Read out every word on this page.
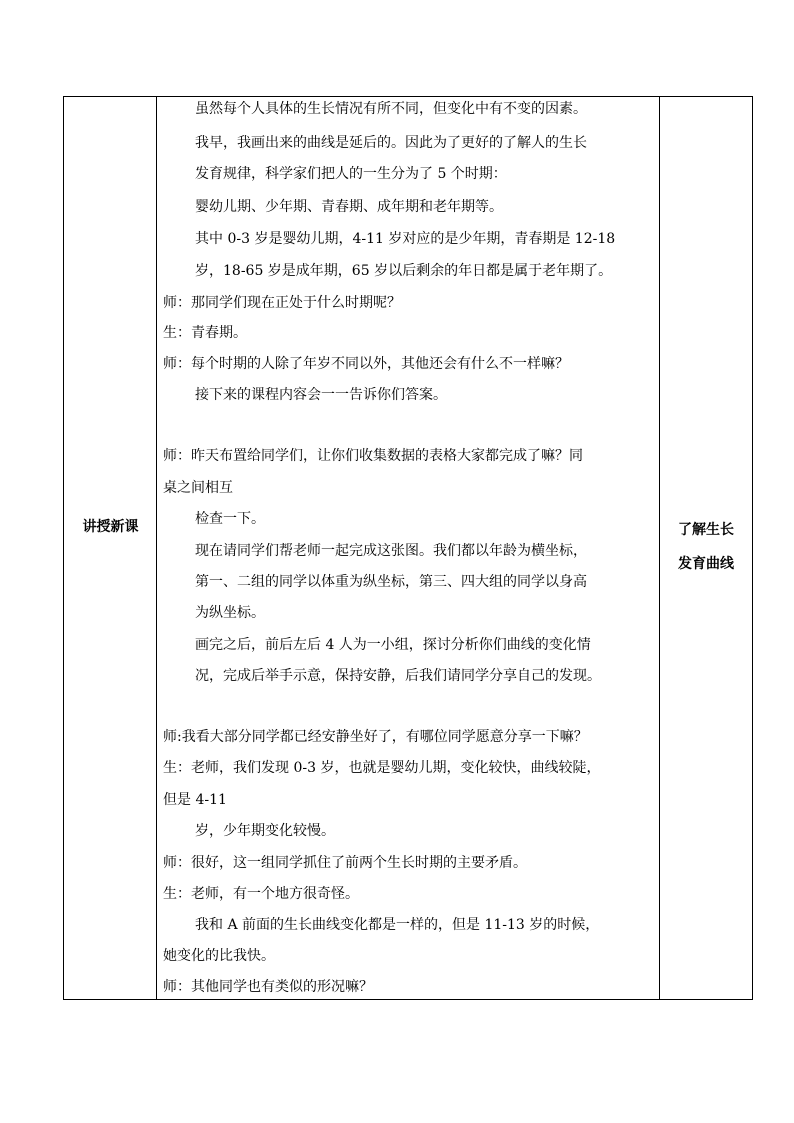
讲授新课
虽然每个人具体的生长情况有所不同，但变化中有不变的因素。
我早，我画出来的曲线是延后的。因此为了更好的了解人的生长
发育规律，科学家们把人的一生分为了 5 个时期：
婴幼儿期、少年期、青春期、成年期和老年期等。
其中 0-3 岁是婴幼儿期，4-11 岁对应的是少年期，青春期是 12-18
岁，18-65 岁是成年期，65 岁以后剩余的年日都是属于老年期了。
师：那同学们现在正处于什么时期呢？
生：青春期。
师：每个时期的人除了年岁不同以外，其他还会有什么不一样嘛？
接下来的课程内容会一一告诉你们答案。
师：昨天布置给同学们，让你们收集数据的表格大家都完成了嘛？同
桌之间相互
检查一下。
现在请同学们帮老师一起完成这张图。我们都以年龄为横坐标，
第一、二组的同学以体重为纵坐标，第三、四大组的同学以身高
为纵坐标。
画完之后，前后左后 4 人为一小组，探讨分析你们曲线的变化情
况，完成后举手示意，保持安静，后我们请同学分享自己的发现。
师:我看大部分同学都已经安静坐好了，有哪位同学愿意分享一下嘛？
生：老师，我们发现 0-3 岁，也就是婴幼儿期，变化较快，曲线较陡，
但是 4-11
岁，少年期变化较慢。
师：很好，这一组同学抓住了前两个生长时期的主要矛盾。
生：老师，有一个地方很奇怪。
我和 A 前面的生长曲线变化都是一样的，但是 11-13 岁的时候，
她变化的比我快。
师：其他同学也有类似的形况嘛？
了解生长
发育曲线
